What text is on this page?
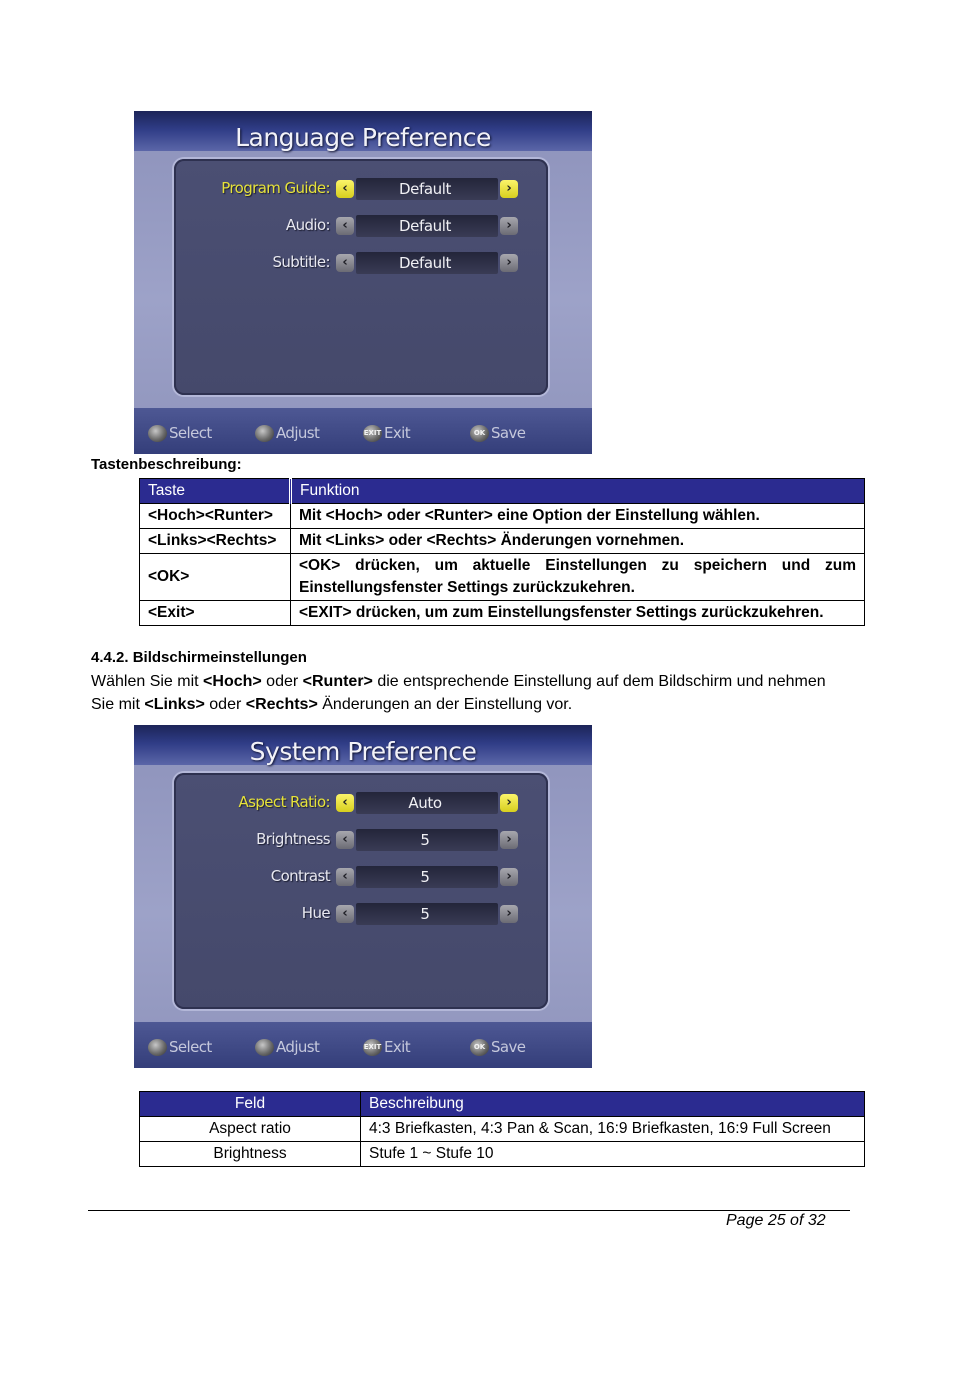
Language Preference
Program Guide: ‹	Default	›
Audio: ‹	Default	›
Subtitle: ‹	Default	›
Select	Adjust	EXIT Exit	OK Save
Tastenbeschreibung:
Taste	Funktion
<Hoch><Runter>	Mit <Hoch> oder <Runter> eine Option der Einstellung wählen.
<Links><Rechts>	Mit <Links> oder <Rechts> Änderungen vornehmen.
<OK>	<OK> drücken, um aktuelle Einstellungen zu speichern und zum Einstellungsfenster Settings zurückzukehren.
<Exit>	<EXIT> drücken, um zum Einstellungsfenster Settings zurückzukehren.
4.4.2. Bildschirmeinstellungen
Wählen Sie mit <Hoch> oder <Runter> die entsprechende Einstellung auf dem Bildschirm und nehmen Sie mit <Links> oder <Rechts> Änderungen an der Einstellung vor.
System Preference
Aspect Ratio: ‹	Auto	›
Brightness ‹	5	›
Contrast ‹	5	›
Hue ‹	5	›
Select	Adjust	EXIT Exit	OK Save
Feld	Beschreibung
Aspect ratio	4:3 Briefkasten, 4:3 Pan & Scan, 16:9 Briefkasten, 16:9 Full Screen
Brightness	Stufe 1 ~ Stufe 10
Page 25 of 32
